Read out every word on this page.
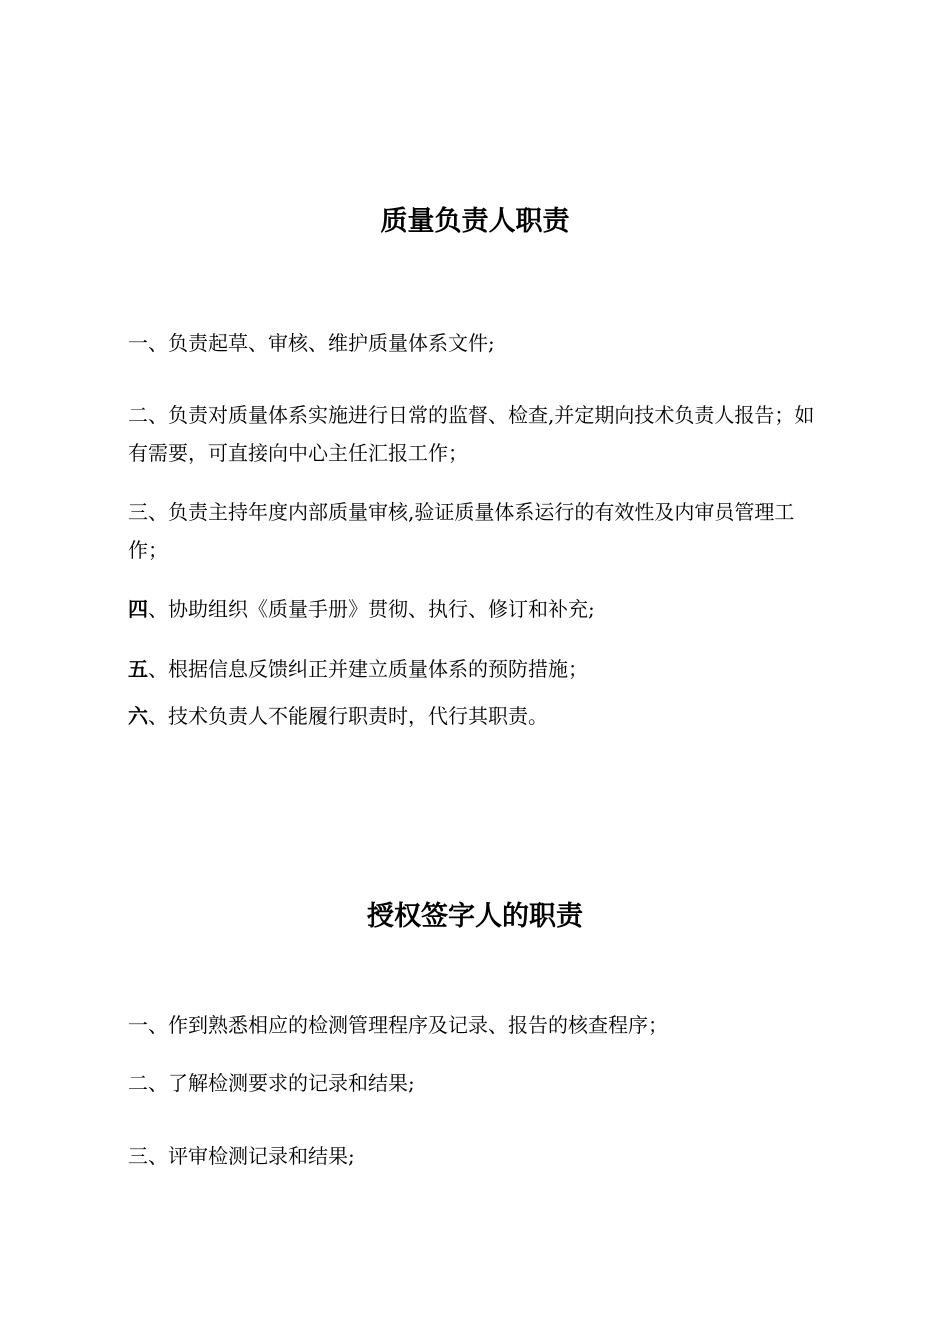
质量负责人职责

一、负责起草、审核、维护质量体系文件;

二、负责对质量体系实施进行日常的监督、检查,并定期向技术负责人报告；如有需要，可直接向中心主任汇报工作；

三、负责主持年度内部质量审核,验证质量体系运行的有效性及内审员管理工作；

四、协助组织《质量手册》贯彻、执行、修订和补充;

五、根据信息反馈纠正并建立质量体系的预防措施；

六、技术负责人不能履行职责时，代行其职责。

授权签字人的职责

一、作到熟悉相应的检测管理程序及记录、报告的核查程序；

二、了解检测要求的记录和结果;

三、评审检测记录和结果;
